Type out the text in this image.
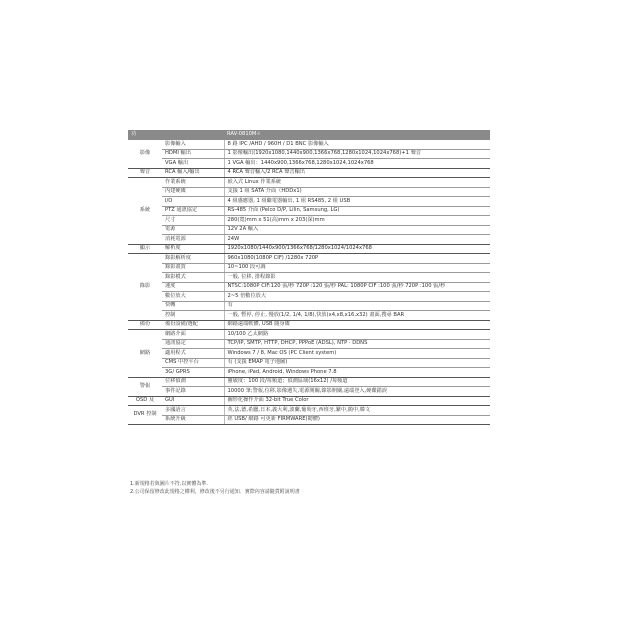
功		RAV-0810M-i
影像	影像輸入	8 路 IPC /AHD / 960H / D1 BNC 影像輸入
	HDMI 輸出	1 影像輸出(1920x1080,1440x900,1366x768,1280x1024,1024x768)+1 聲音
	VGA 輸出	1 VGA 輸出：1440x900,1366x768,1280x1024,1024x768
聲音	RCA 輸入/輸出	4 RCA 聲音輸入/2 RCA 聲音輸出
系統	作業系統	嵌入式 Linux 作業系統
	內建硬碟	支援 1 組 SATA 介面（HDDx1)
	I/O	4 組感應器, 1 組繼電器輸出, 1 組 RS485, 2 組 USB
	PTZ 通訊協定	RS-485 介面 (Pelco D/P, Lilin, Samsung, LG)
	尺寸	280(寬)mm x 51(高)mm x 203(深)mm
	電源	12V 2A 輸入
	消耗電源	24W
顯示	解析度	1920x1080/1440x900/1366x768/1280x1024/1024x768
錄影	錄影解析度	960x1080(1080P CIF) /1280x 720P
	錄影畫質	10~100 段可調
	錄影模式	一般, 位移, 排程錄影
	速度	NTSC:1080P CIF:120 張/秒 720P :120 張/秒 PAL: 1080P CIF :100 張/秒 720P :100 張/秒
	數位放大	2~5 倍數位放大
	快轉	有
	控制	一般, 暫停, 停止, 慢放(1/2, 1/4, 1/8),快放(x4,x8,x16,x32) 畫面,搜尋 BAR
備份	備份設備/選配	網路遠端軟體, USB 隨身碟
網路	網路介面	10/100 乙太網路
	通訊協定	TCP/IP, SMTP, HTTP, DHCP, PPPoE (ADSL), NTP · DDNS
	適用程式	Windows 7 / 8, Mac OS (PC Client system)
	CMS 中控平台	有 (支援 EMAP 電子地圖)
	3G/ GPRS	iPhone, iPad, Android, Windows Phone 7.8
警報	位移偵測	靈敏度：100 段/每頻道；偵測區域(16x12) /每頻道
	事件記錄	10000 筆;警報,位移,影像遺失,電源開關,錄影開關,遠端登入,硬碟錯誤
OSD 及	GUI	圖形化操作介面 32-bit True Color
DVR 控制	多國語言	英,法,德,希臘,日本,義大利,波蘭,葡萄牙,西班牙,繁中,簡中,韓文
	系統升級	經 USB/ 網路 可更新 FIRMWARE(韌體)
1.新規格若與圖片不符,以實體為準.
2.公司保留修改此規格之權利，修改後不另行通知．實際內容請隨貨附說明書
